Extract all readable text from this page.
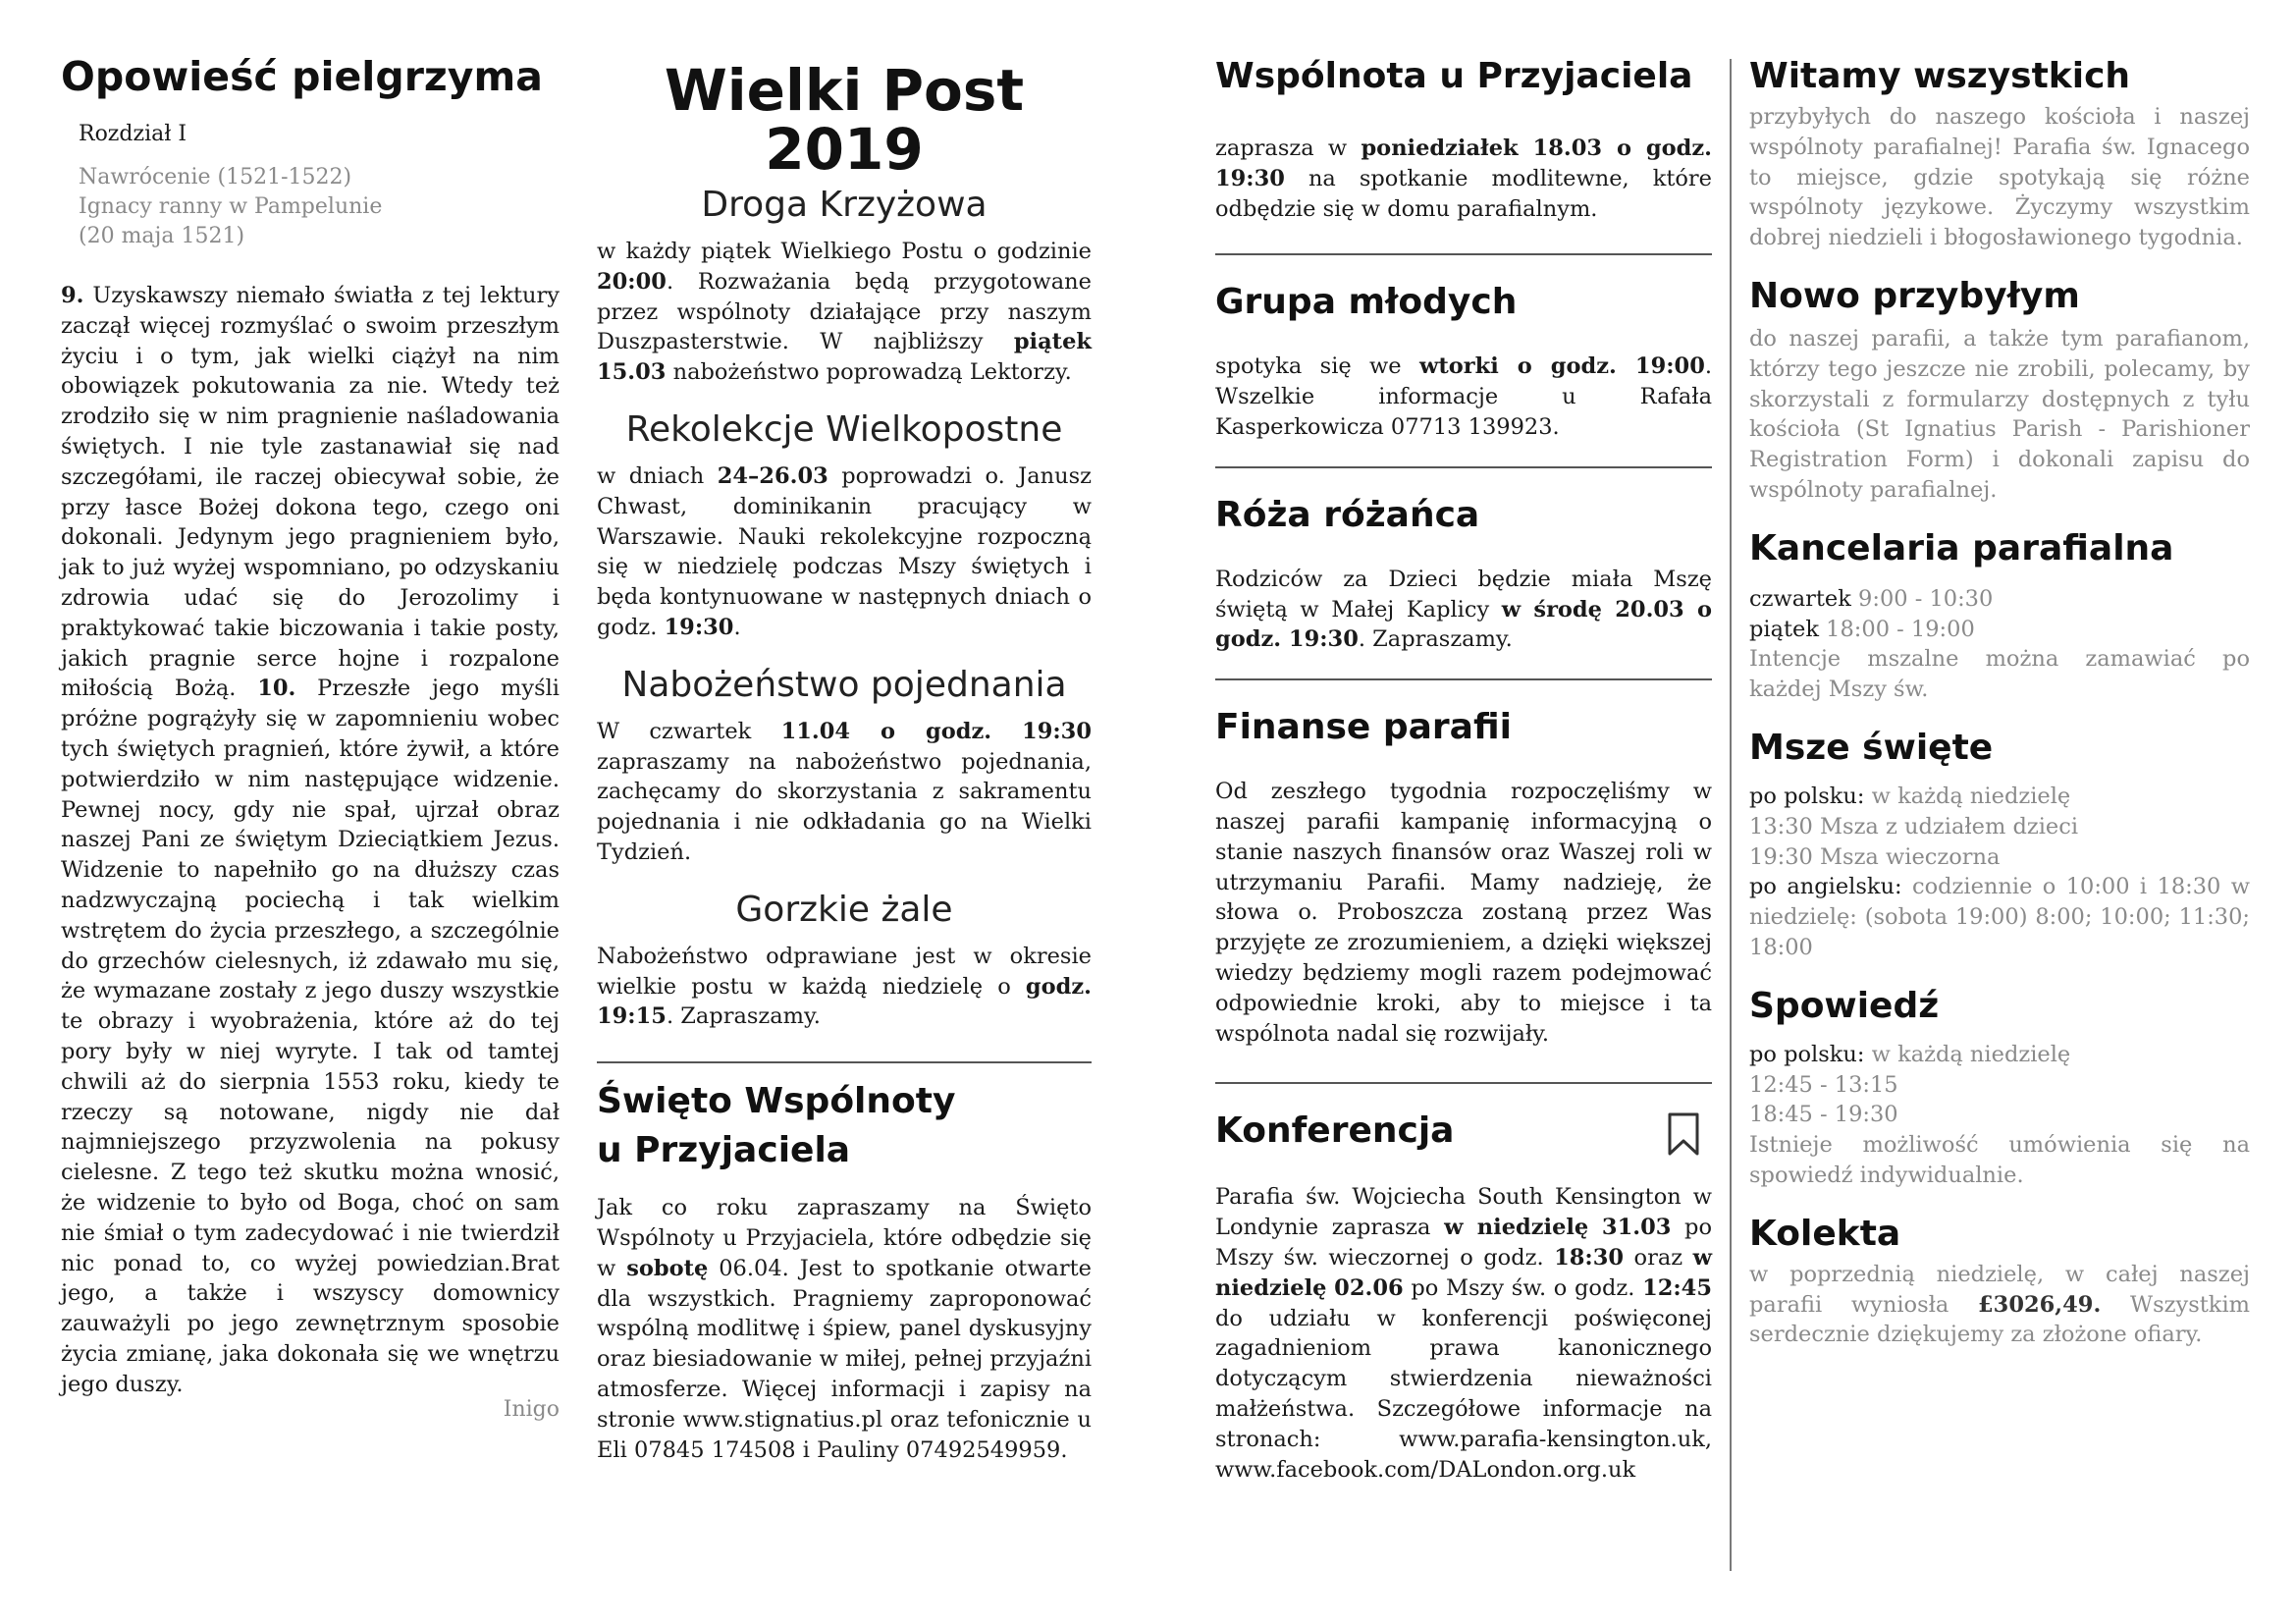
Opowieść pielgrzyma
Rozdział I
Nawrócenie (1521-1522)
Ignacy ranny w Pampelunie
(20 maja 1521)

9. Uzyskawszy niemało światła z tej lektury zaczął więcej rozmyślać o swoim przeszłym życiu i o tym, jak wielki ciążył na nim obowiązek pokutowania za nie. Wtedy też zrodziło się w nim pragnienie naśladowania świętych. I nie tyle zastanawiał się nad szczegółami, ile raczej obiecywał sobie, że przy łasce Bożej dokona tego, czego oni dokonali. Jedynym jego pragnieniem było, jak to już wyżej wspomniano, po odzyskaniu zdrowia udać się do Jerozolimy i praktykować takie biczowania i takie posty, jakich pragnie serce hojne i rozpalone miłością Bożą. 10. Przeszłe jego myśli próżne pogrążyły się w zapomnieniu wobec tych świętych pragnień, które żywił, a które potwierdziło w nim następujące widzenie. Pewnej nocy, gdy nie spał, ujrzał obraz naszej Pani ze świętym Dzieciątkiem Jezus. Widzenie to napełniło go na dłuższy czas nadzwyczajną pociechą i tak wielkim wstrętem do życia przeszłego, a szczególnie do grzechów cielesnych, iż zdawało mu się, że wymazane zostały z jego duszy wszystkie te obrazy i wyobrażenia, które aż do tej pory były w niej wyryte. I tak od tamtej chwili aż do sierpnia 1553 roku, kiedy te rzeczy są notowane, nigdy nie dał najmniejszego przyzwolenia na pokusy cielesne. Z tego też skutku można wnosić, że widzenie to było od Boga, choć on sam nie śmiał o tym zadecydować i nie twierdził nic ponad to, co wyżej powiedzian.Brat jego, a także i wszyscy domownicy zauważyli po jego zewnętrznym sposobie życia zmianę, jaka dokonała się we wnętrzu jego duszy.

Inigo
Wielki Post 2019
Droga Krzyżowa

w każdy piątek Wielkiego Postu o godzinie 20:00. Rozważania będą przygotowane przez wspólnoty działające przy naszym Duszpasterstwie. W najbliższy piątek 15.03 nabożeństwo poprowadzą Lektorzy.

Rekolekcje Wielkopostne

w dniach 24–26.03 poprowadzi o. Janusz Chwast, dominikanin pracujący w Warszawie. Nauki rekolekcyjne rozpoczną się w niedzielę podczas Mszy świętych i będa kontynuowane w następnych dniach o godz. 19:30.

Nabożeństwo pojednania

W czwartek 11.04 o godz. 19:30 zapraszamy na nabożeństwo pojednania, zachęcamy do skorzystania z sakramentu pojednania i nie odkładania go na Wielki Tydzień.

Gorzkie żale

Nabożeństwo odprawiane jest w okresie wielkie postu w każdą niedzielę o godz. 19:15. Zapraszamy.

Święto Wspólnoty
u Przyjaciela

Jak co roku zapraszamy na Święto Wspólnoty u Przyjaciela, które odbędzie się w sobotę 06.04. Jest to spotkanie otwarte dla wszystkich. Pragniemy zaproponować wspólną modlitwę i śpiew, panel dyskusyjny oraz biesiadowanie w miłej, pełnej przyjaźni atmosferze. Więcej informacji i zapisy na stronie www.stignatius.pl oraz tefonicznie u Eli 07845 174508 i Pauliny 07492549959.

Wspólnota u Przyjaciela

zaprasza w poniedziałek 18.03 o godz. 19:30 na spotkanie modlitewne, które odbędzie się w domu parafialnym.

Grupa młodych

spotyka się we wtorki o godz. 19:00. Wszelkie informacje u Rafała Kasperkowicza 07713 139923.

Róża różańca

Rodziców za Dzieci będzie miała Mszę świętą w Małej Kaplicy w środę 20.03 o godz. 19:30. Zapraszamy.

Finanse parafii

Od zeszłego tygodnia rozpoczęliśmy w naszej parafii kampanię informacyjną o stanie naszych finansów oraz Waszej roli w utrzymaniu Parafii. Mamy nadzieję, że słowa o. Proboszcza zostaną przez Was przyjęte ze zrozumieniem, a dzięki większej wiedzy będziemy mogli razem podejmować odpowiednie kroki, aby to miejsce i ta wspólnota nadal się rozwijały.

Konferencja

Parafia św. Wojciecha South Kensington w Londynie zaprasza w niedzielę 31.03 po Mszy św. wieczornej o godz. 18:30 oraz w niedzielę 02.06 po Mszy św. o godz. 12:45 do udziału w konferencji poświęconej zagadnieniom prawa kanonicznego dotyczącym stwierdzenia nieważności małżeństwa. Szczegółowe informacje na stronach: www.parafia-kensington.uk, www.facebook.com/DALondon.org.uk

Witamy wszystkich

przybyłych do naszego kościoła i naszej wspólnoty parafialnej! Parafia św. Ignacego to miejsce, gdzie spotykają się różne wspólnoty językowe. Życzymy wszystkim dobrej niedzieli i błogosławionego tygodnia.

Nowo przybyłym

do naszej parafii, a także tym parafianom, którzy tego jeszcze nie zrobili, polecamy, by skorzystali z formularzy dostępnych z tyłu kościoła (St Ignatius Parish - Parishioner Registration Form) i dokonali zapisu do wspólnoty parafialnej.

Kancelaria parafialna
czwartek 9:00 - 10:30
piątek 18:00 - 19:00
Intencje mszalne można zamawiać po każdej Mszy św.
Msze święte
po polsku: w każdą niedzielę
13:30 Msza z udziałem dzieci
19:30 Msza wieczorna
po angielsku: codziennie o 10:00 i 18:30 w niedzielę: (sobota 19:00) 8:00; 10:00; 11:30; 18:00
Spowiedź
po polsku: w każdą niedzielę
12:45 - 13:15
18:45 - 19:30
Istnieje możliwość umówienia się na spowiedź indywidualnie.
Kolekta

w poprzednią niedzielę, w całej naszej parafii wyniosła £3026,49. Wszystkim serdecznie dziękujemy za złożone ofiary.
